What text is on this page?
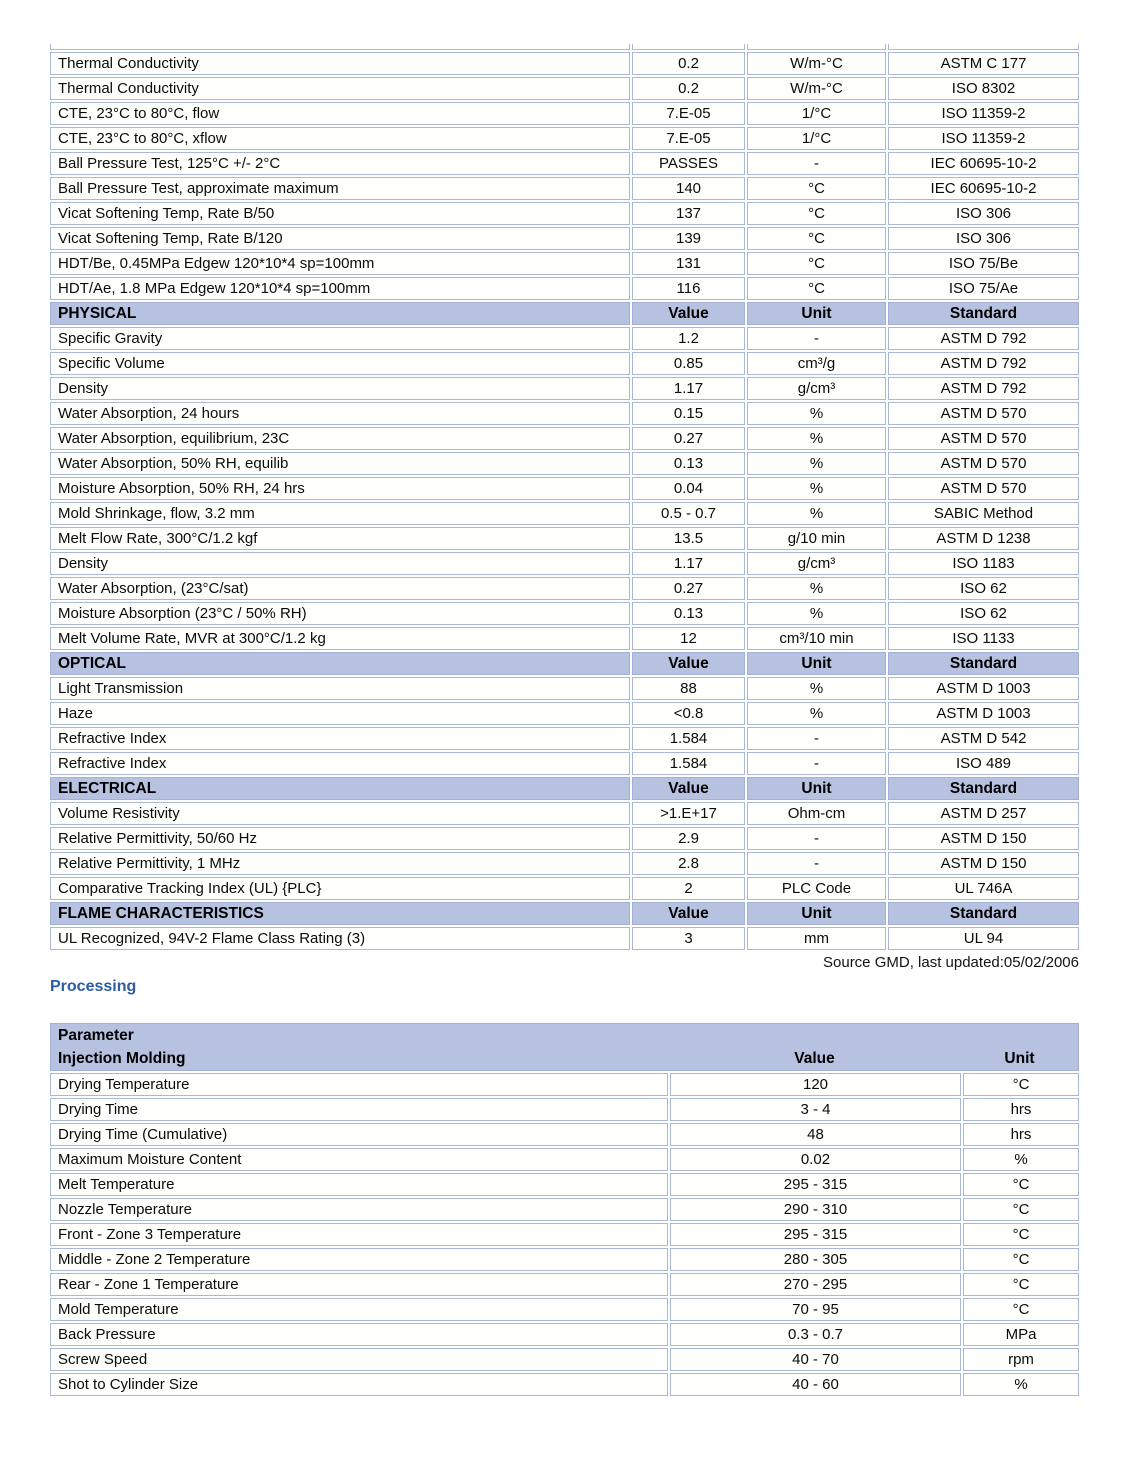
Thermal Conductivity	0.2	W/m-°C	ASTM C 177
Thermal Conductivity	0.2	W/m-°C	ISO 8302
CTE, 23°C to 80°C, flow	7.E-05	1/°C	ISO 11359-2
CTE, 23°C to 80°C, xflow	7.E-05	1/°C	ISO 11359-2
Ball Pressure Test, 125°C +/- 2°C	PASSES	-	IEC 60695-10-2
Ball Pressure Test, approximate maximum	140	°C	IEC 60695-10-2
Vicat Softening Temp, Rate B/50	137	°C	ISO 306
Vicat Softening Temp, Rate B/120	139	°C	ISO 306
HDT/Be, 0.45MPa Edgew 120*10*4 sp=100mm	131	°C	ISO 75/Be
HDT/Ae, 1.8 MPa Edgew 120*10*4 sp=100mm	116	°C	ISO 75/Ae
PHYSICAL	Value	Unit	Standard
Specific Gravity	1.2	-	ASTM D 792
Specific Volume	0.85	cm³/g	ASTM D 792
Density	1.17	g/cm³	ASTM D 792
Water Absorption, 24 hours	0.15	%	ASTM D 570
Water Absorption, equilibrium, 23C	0.27	%	ASTM D 570
Water Absorption, 50% RH, equilib	0.13	%	ASTM D 570
Moisture Absorption, 50% RH, 24 hrs	0.04	%	ASTM D 570
Mold Shrinkage, flow, 3.2 mm	0.5 - 0.7	%	SABIC Method
Melt Flow Rate, 300°C/1.2 kgf	13.5	g/10 min	ASTM D 1238
Density	1.17	g/cm³	ISO 1183
Water Absorption, (23°C/sat)	0.27	%	ISO 62
Moisture Absorption (23°C / 50% RH)	0.13	%	ISO 62
Melt Volume Rate, MVR at 300°C/1.2 kg	12	cm³/10 min	ISO 1133
OPTICAL	Value	Unit	Standard
Light Transmission	88	%	ASTM D 1003
Haze	<0.8	%	ASTM D 1003
Refractive Index	1.584	-	ASTM D 542
Refractive Index	1.584	-	ISO 489
ELECTRICAL	Value	Unit	Standard
Volume Resistivity	>1.E+17	Ohm-cm	ASTM D 257
Relative Permittivity, 50/60 Hz	2.9	-	ASTM D 150
Relative Permittivity, 1 MHz	2.8	-	ASTM D 150
Comparative Tracking Index (UL) {PLC}	2	PLC Code	UL 746A
FLAME CHARACTERISTICS	Value	Unit	Standard
UL Recognized, 94V-2 Flame Class Rating (3)	3	mm	UL 94
Source GMD, last updated:05/02/2006
Processing
Parameter
Injection Molding	Value	Unit
Drying Temperature	120	°C
Drying Time	3 - 4	hrs
Drying Time (Cumulative)	48	hrs
Maximum Moisture Content	0.02	%
Melt Temperature	295 - 315	°C
Nozzle Temperature	290 - 310	°C
Front - Zone 3 Temperature	295 - 315	°C
Middle - Zone 2 Temperature	280 - 305	°C
Rear - Zone 1 Temperature	270 - 295	°C
Mold Temperature	70 - 95	°C
Back Pressure	0.3 - 0.7	MPa
Screw Speed	40 - 70	rpm
Shot to Cylinder Size	40 - 60	%
